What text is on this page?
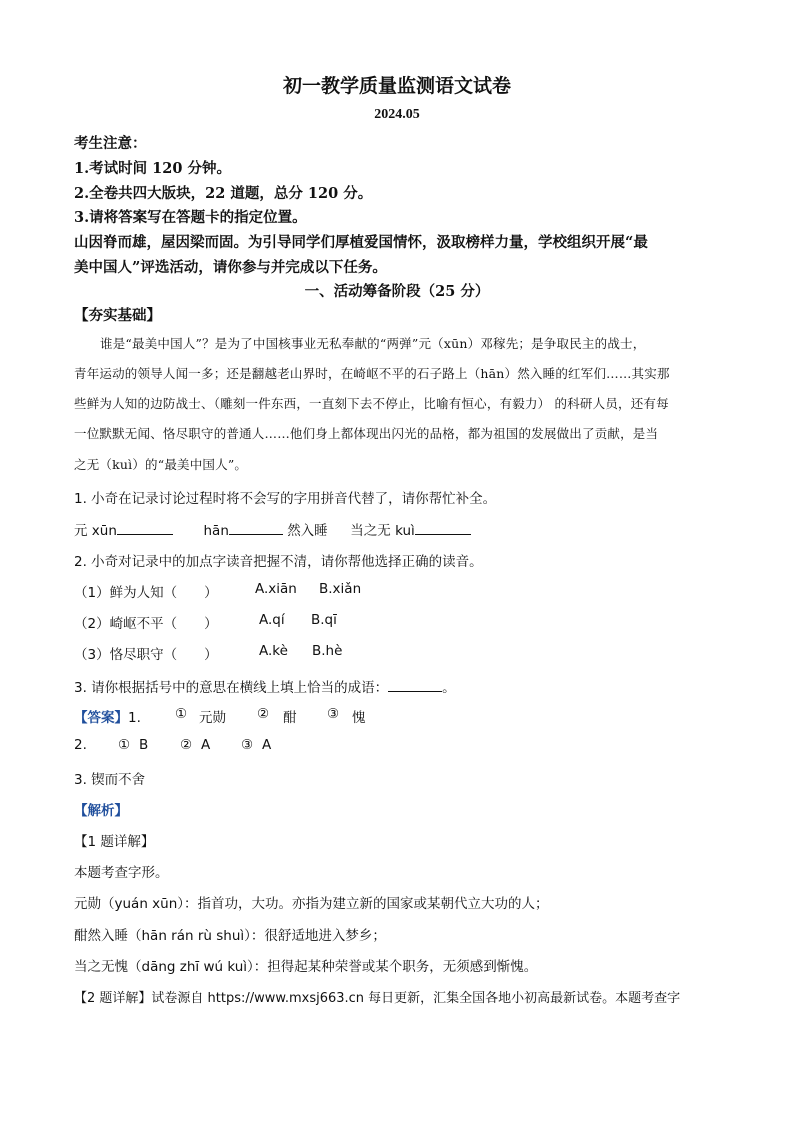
初一教学质量监测语文试卷
2024.05
考生注意：
1.考试时间 120 分钟。
2.全卷共四大版块，22 道题，总分 120 分。
3.请将答案写在答题卡的指定位置。
山因脊而雄，屋因梁而固。为引导同学们厚植爱国情怀，汲取榜样力量，学校组织开展“最
美中国人”评选活动，请你参与并完成以下任务。
一、活动筹备阶段（25 分）
【夯实基础】
谁是“最美中国人”？是为了中国核事业无私奉献的“两弹”元（xūn）邓稼先；是争取民主的战士，
青年运动的领导人闻一多；还是翻越老山界时，在崎岖不平的石子路上（hān）然入睡的红军们……其实那
些鲜为人知的边防战士、（雕刻一件东西，一直刻下去不停止，比喻有恒心，有毅力） 的科研人员，还有每
一位默默无闻、恪尽职守的普通人……他们身上都体现出闪光的品格，都为祖国的发展做出了贡献，是当
之无（kuì）的“最美中国人”。
1. 小奇在记录讨论过程时将不会写的字用拼音代替了，请你帮忙补全。
元 xūn	hān	然入睡 当之无 kuì
2. 小奇对记录中的加点字读音把握不清，请你帮他选择正确的读音。
（1）鲜为人知（　　）	A.xiān B.xiǎn
（2）崎岖不平（　　）	A.qí B.qī
（3）恪尽职守（　　）	A.kè B.hè
3. 请你根据括号中的意思在横线上填上恰当的成语：	。
【答案】1.	① 元勋 ② 酣 ③ 愧
2. ① B ② A ③ A
3. 锲而不舍
【解析】
【1 题详解】
本题考查字形。
元勋（yuán xūn）：指首功，大功。亦指为建立新的国家或某朝代立大功的人；
酣然入睡（hān rán rù shuì）：很舒适地进入梦乡；
当之无愧（dāng zhī wú kuì）：担得起某种荣誉或某个职务，无须感到惭愧。
【2 题详解】试卷源自 https://www.mxsj663.cn 每日更新，汇集全国各地小初高最新试卷。本题考查字
